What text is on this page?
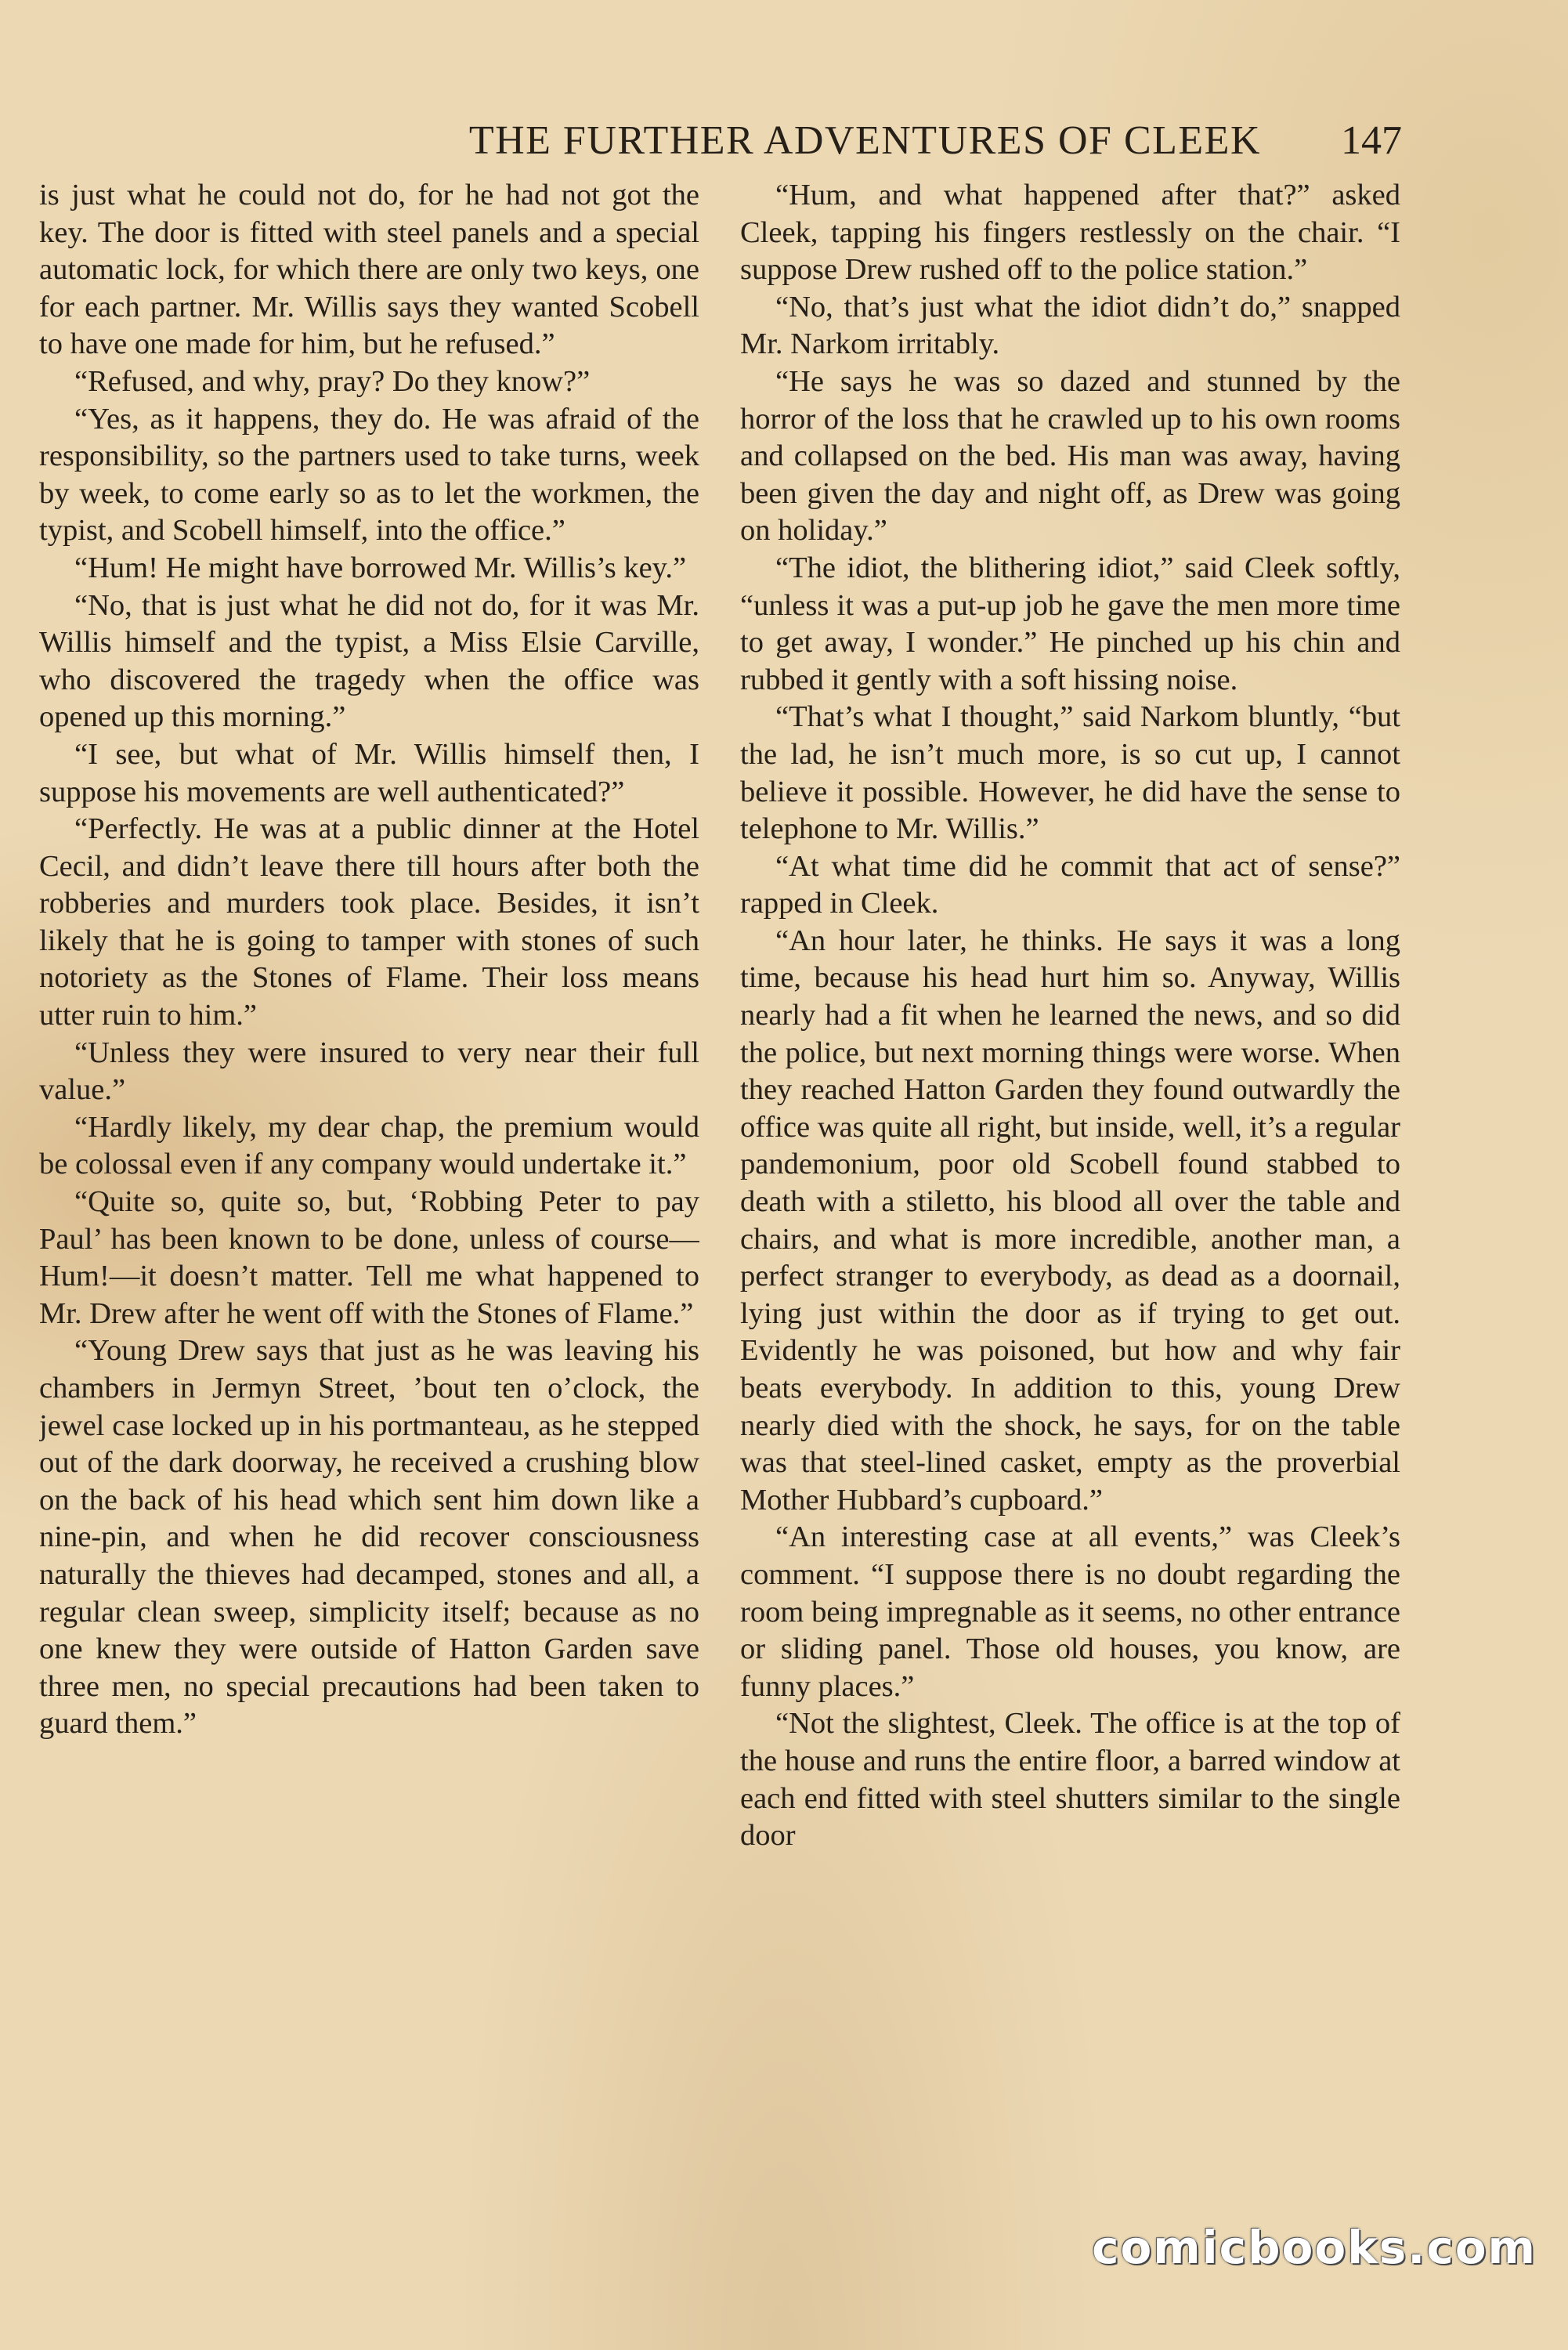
THE FURTHER ADVENTURES OF CLEEK 147

is just what he could not do, for he had not got the key. The door is fitted with steel panels and a special automatic lock, for which there are only two keys, one for each partner. Mr. Willis says they wanted Scobell to have one made for him, but he refused.”

“Refused, and why, pray? Do they know?”

“Yes, as it happens, they do. He was afraid of the responsibility, so the partners used to take turns, week by week, to come early so as to let the workmen, the typist, and Scobell himself, into the office.”

“Hum! He might have borrowed Mr. Willis’s key.”

“No, that is just what he did not do, for it was Mr. Willis himself and the typist, a Miss Elsie Carville, who discovered the tragedy when the office was opened up this morning.”

“I see, but what of Mr. Willis himself then, I suppose his movements are well authenticated?”

“Perfectly. He was at a public dinner at the Hotel Cecil, and didn’t leave there till hours after both the robberies and murders took place. Besides, it isn’t likely that he is going to tamper with stones of such notoriety as the Stones of Flame. Their loss means utter ruin to him.”

“Unless they were insured to very near their full value.”

“Hardly likely, my dear chap, the premium would be colossal even if any company would undertake it.”

“Quite so, quite so, but, ‘Robbing Peter to pay Paul’ has been known to be done, unless of course—Hum!—it doesn’t matter. Tell me what happened to Mr. Drew after he went off with the Stones of Flame.”

“Young Drew says that just as he was leaving his chambers in Jermyn Street, ’bout ten o’clock, the jewel case locked up in his portmanteau, as he stepped out of the dark doorway, he received a crushing blow on the back of his head which sent him down like a nine-pin, and when he did recover consciousness naturally the thieves had decamped, stones and all, a regular clean sweep, simplicity itself; because as no one knew they were outside of Hatton Garden save three men, no special precautions had been taken to guard them.”

“Hum, and what happened after that?” asked Cleek, tapping his fingers restlessly on the chair. “I suppose Drew rushed off to the police station.”

“No, that’s just what the idiot didn’t do,” snapped Mr. Narkom irritably.

“He says he was so dazed and stunned by the horror of the loss that he crawled up to his own rooms and collapsed on the bed. His man was away, having been given the day and night off, as Drew was going on holiday.”

“The idiot, the blithering idiot,” said Cleek softly, “unless it was a put-up job he gave the men more time to get away, I wonder.” He pinched up his chin and rubbed it gently with a soft hissing noise.

“That’s what I thought,” said Narkom bluntly, “but the lad, he isn’t much more, is so cut up, I cannot believe it possible. However, he did have the sense to telephone to Mr. Willis.”

“At what time did he commit that act of sense?” rapped in Cleek.

“An hour later, he thinks. He says it was a long time, because his head hurt him so. Anyway, Willis nearly had a fit when he learned the news, and so did the police, but next morning things were worse. When they reached Hatton Garden they found outwardly the office was quite all right, but inside, well, it’s a regular pandemonium, poor old Scobell found stabbed to death with a stiletto, his blood all over the table and chairs, and what is more incredible, another man, a perfect stranger to everybody, as dead as a doornail, lying just within the door as if trying to get out. Evidently he was poisoned, but how and why fair beats everybody. In addition to this, young Drew nearly died with the shock, he says, for on the table was that steel-lined casket, empty as the proverbial Mother Hubbard’s cupboard.”

“An interesting case at all events,” was Cleek’s comment. “I suppose there is no doubt regarding the room being impregnable as it seems, no other entrance or sliding panel. Those old houses, you know, are funny places.”

“Not the slightest, Cleek. The office is at the top of the house and runs the entire floor, a barred window at each end fitted with steel shutters similar to the single door

comicbooks.com
